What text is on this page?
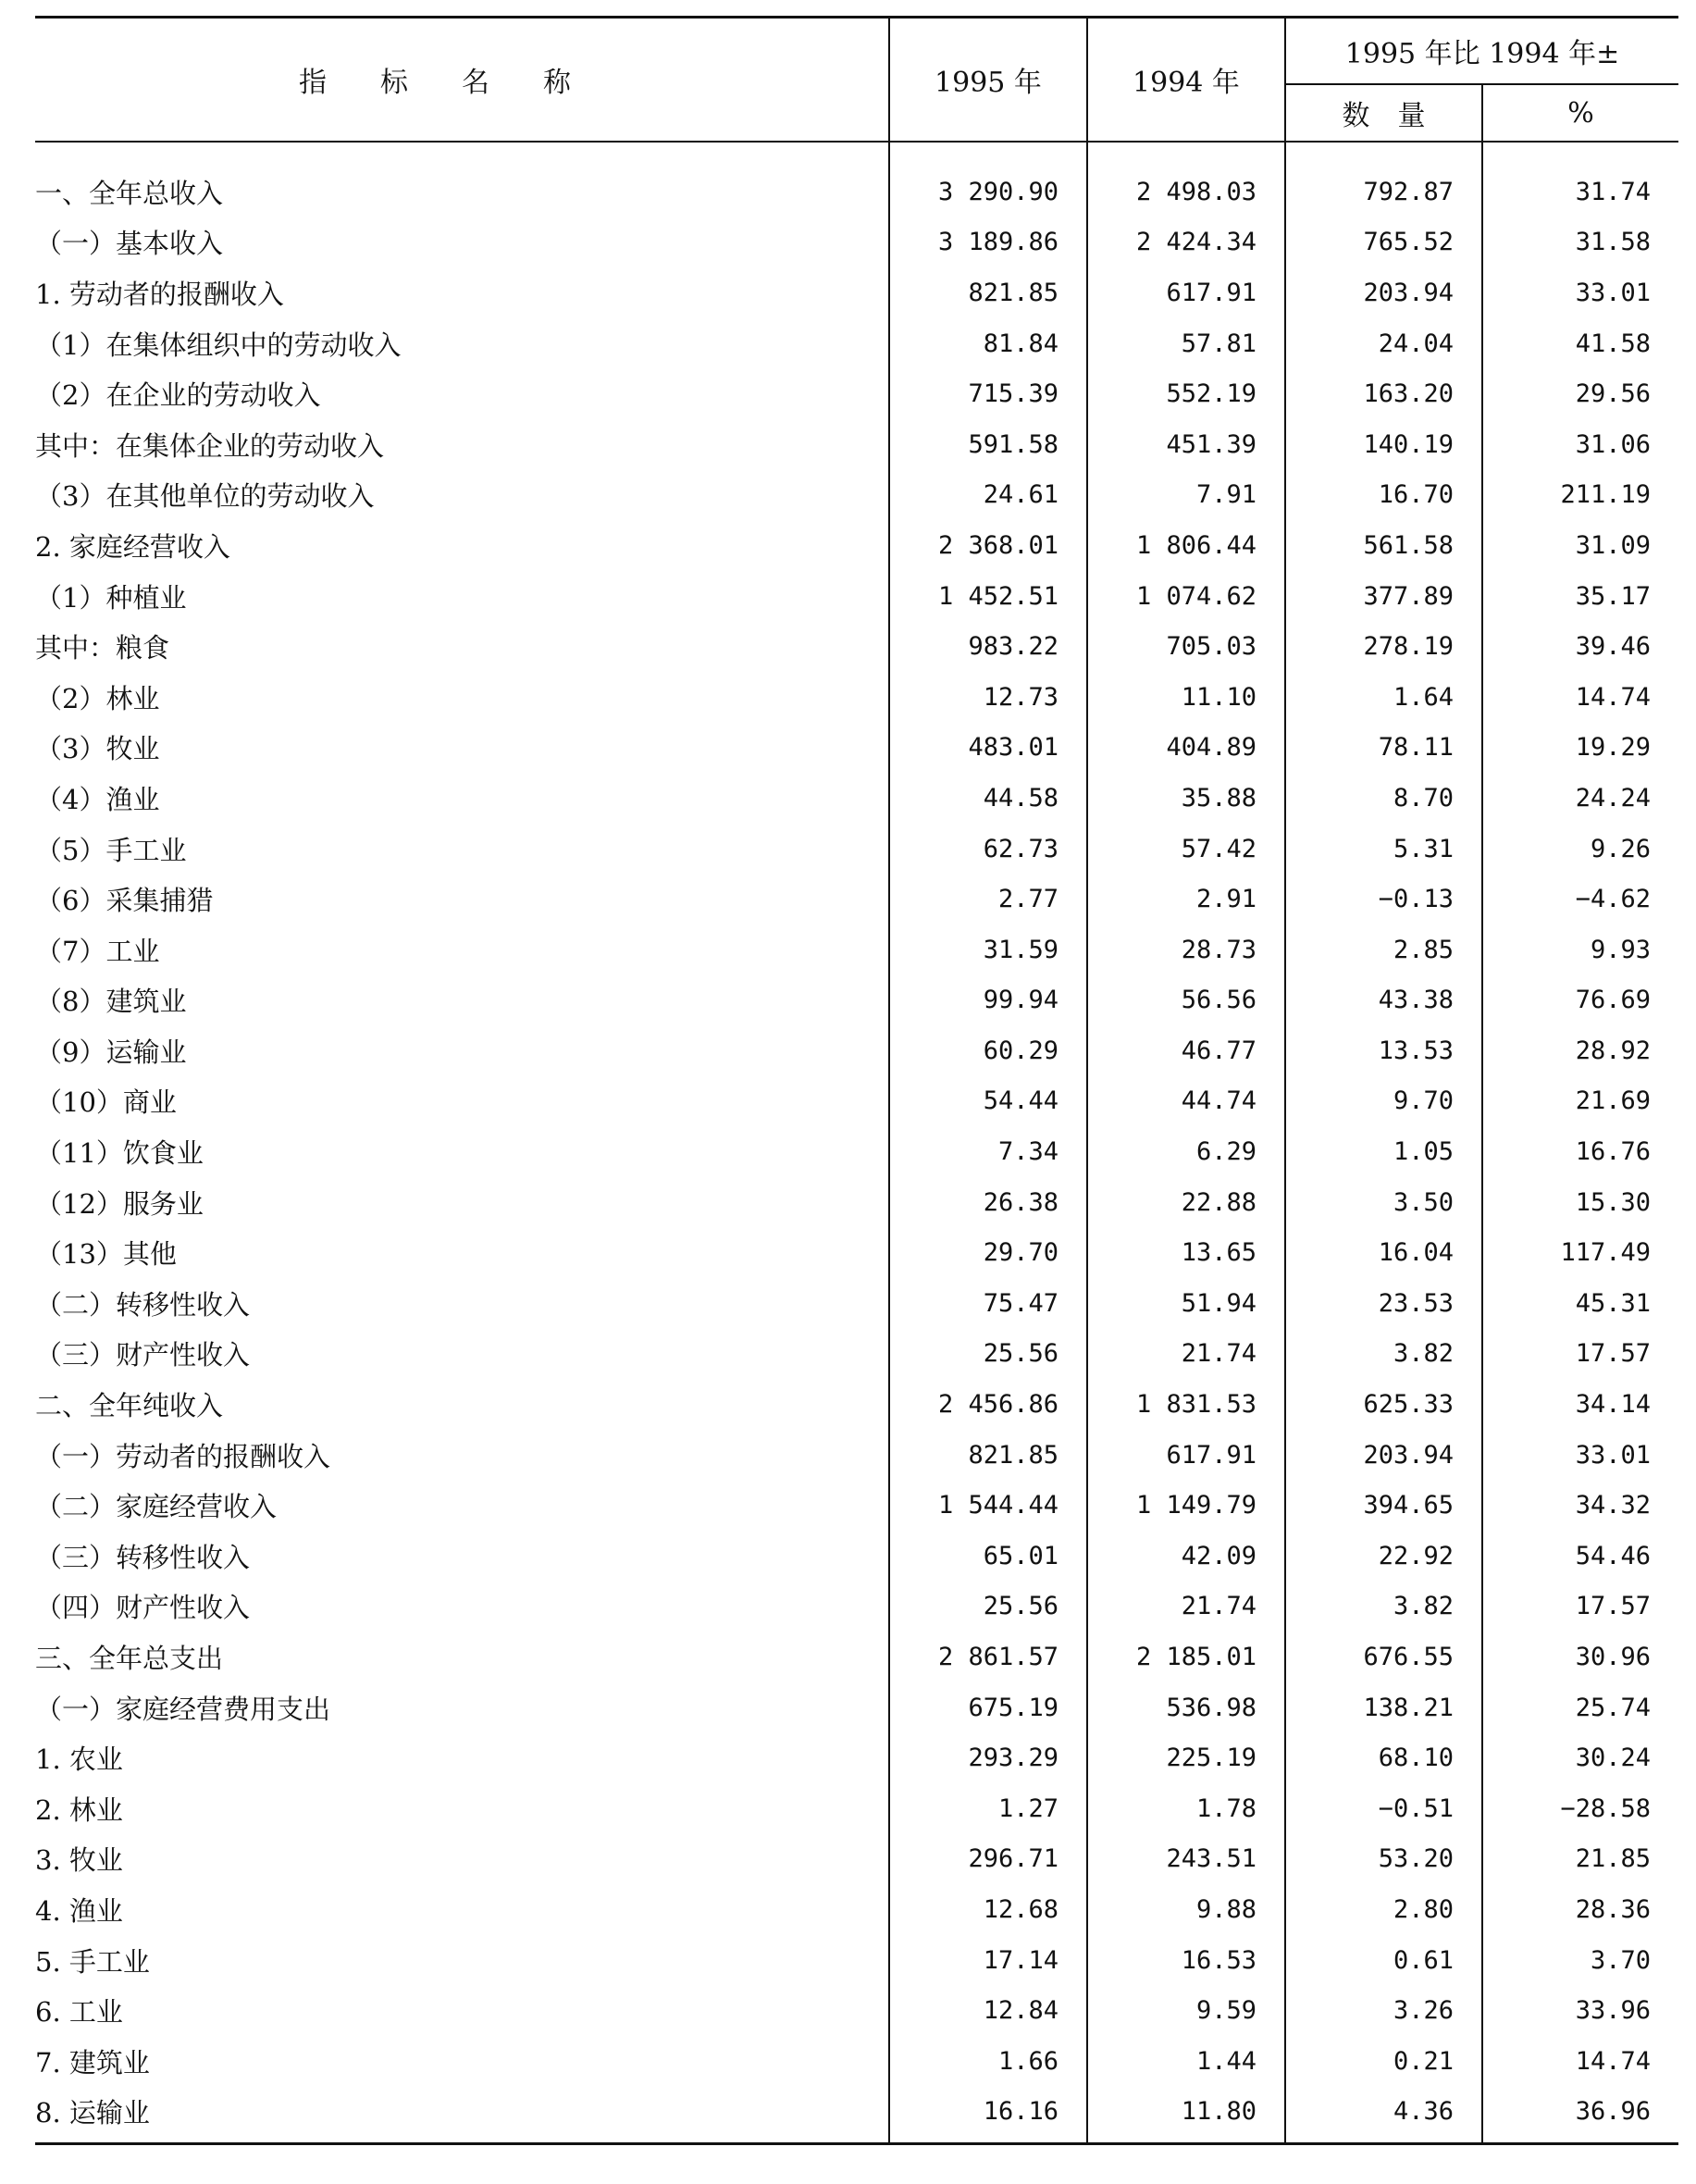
指标名称	1995 年	1994 年	1995 年比 1994 年±	
			数　量	%
一、全年总收入	3 290.90	2 498.03	792.87	31.74
（一）基本收入	3 189.86	2 424.34	765.52	31.58
1. 劳动者的报酬收入	821.85	617.91	203.94	33.01
（1）在集体组织中的劳动收入	81.84	57.81	24.04	41.58
（2）在企业的劳动收入	715.39	552.19	163.20	29.56
其中：在集体企业的劳动收入	591.58	451.39	140.19	31.06
（3）在其他单位的劳动收入	24.61	7.91	16.70	211.19
2. 家庭经营收入	2 368.01	1 806.44	561.58	31.09
（1）种植业	1 452.51	1 074.62	377.89	35.17
其中：粮食	983.22	705.03	278.19	39.46
（2）林业	12.73	11.10	1.64	14.74
（3）牧业	483.01	404.89	78.11	19.29
（4）渔业	44.58	35.88	8.70	24.24
（5）手工业	62.73	57.42	5.31	9.26
（6）采集捕猎	2.77	2.91	−0.13	−4.62
（7）工业	31.59	28.73	2.85	9.93
（8）建筑业	99.94	56.56	43.38	76.69
（9）运输业	60.29	46.77	13.53	28.92
（10）商业	54.44	44.74	9.70	21.69
（11）饮食业	7.34	6.29	1.05	16.76
（12）服务业	26.38	22.88	3.50	15.30
（13）其他	29.70	13.65	16.04	117.49
（二）转移性收入	75.47	51.94	23.53	45.31
（三）财产性收入	25.56	21.74	3.82	17.57
二、全年纯收入	2 456.86	1 831.53	625.33	34.14
（一）劳动者的报酬收入	821.85	617.91	203.94	33.01
（二）家庭经营收入	1 544.44	1 149.79	394.65	34.32
（三）转移性收入	65.01	42.09	22.92	54.46
（四）财产性收入	25.56	21.74	3.82	17.57
三、全年总支出	2 861.57	2 185.01	676.55	30.96
（一）家庭经营费用支出	675.19	536.98	138.21	25.74
1. 农业	293.29	225.19	68.10	30.24
2. 林业	1.27	1.78	−0.51	−28.58
3. 牧业	296.71	243.51	53.20	21.85
4. 渔业	12.68	9.88	2.80	28.36
5. 手工业	17.14	16.53	0.61	3.70
6. 工业	12.84	9.59	3.26	33.96
7. 建筑业	1.66	1.44	0.21	14.74
8. 运输业	16.16	11.80	4.36	36.96
